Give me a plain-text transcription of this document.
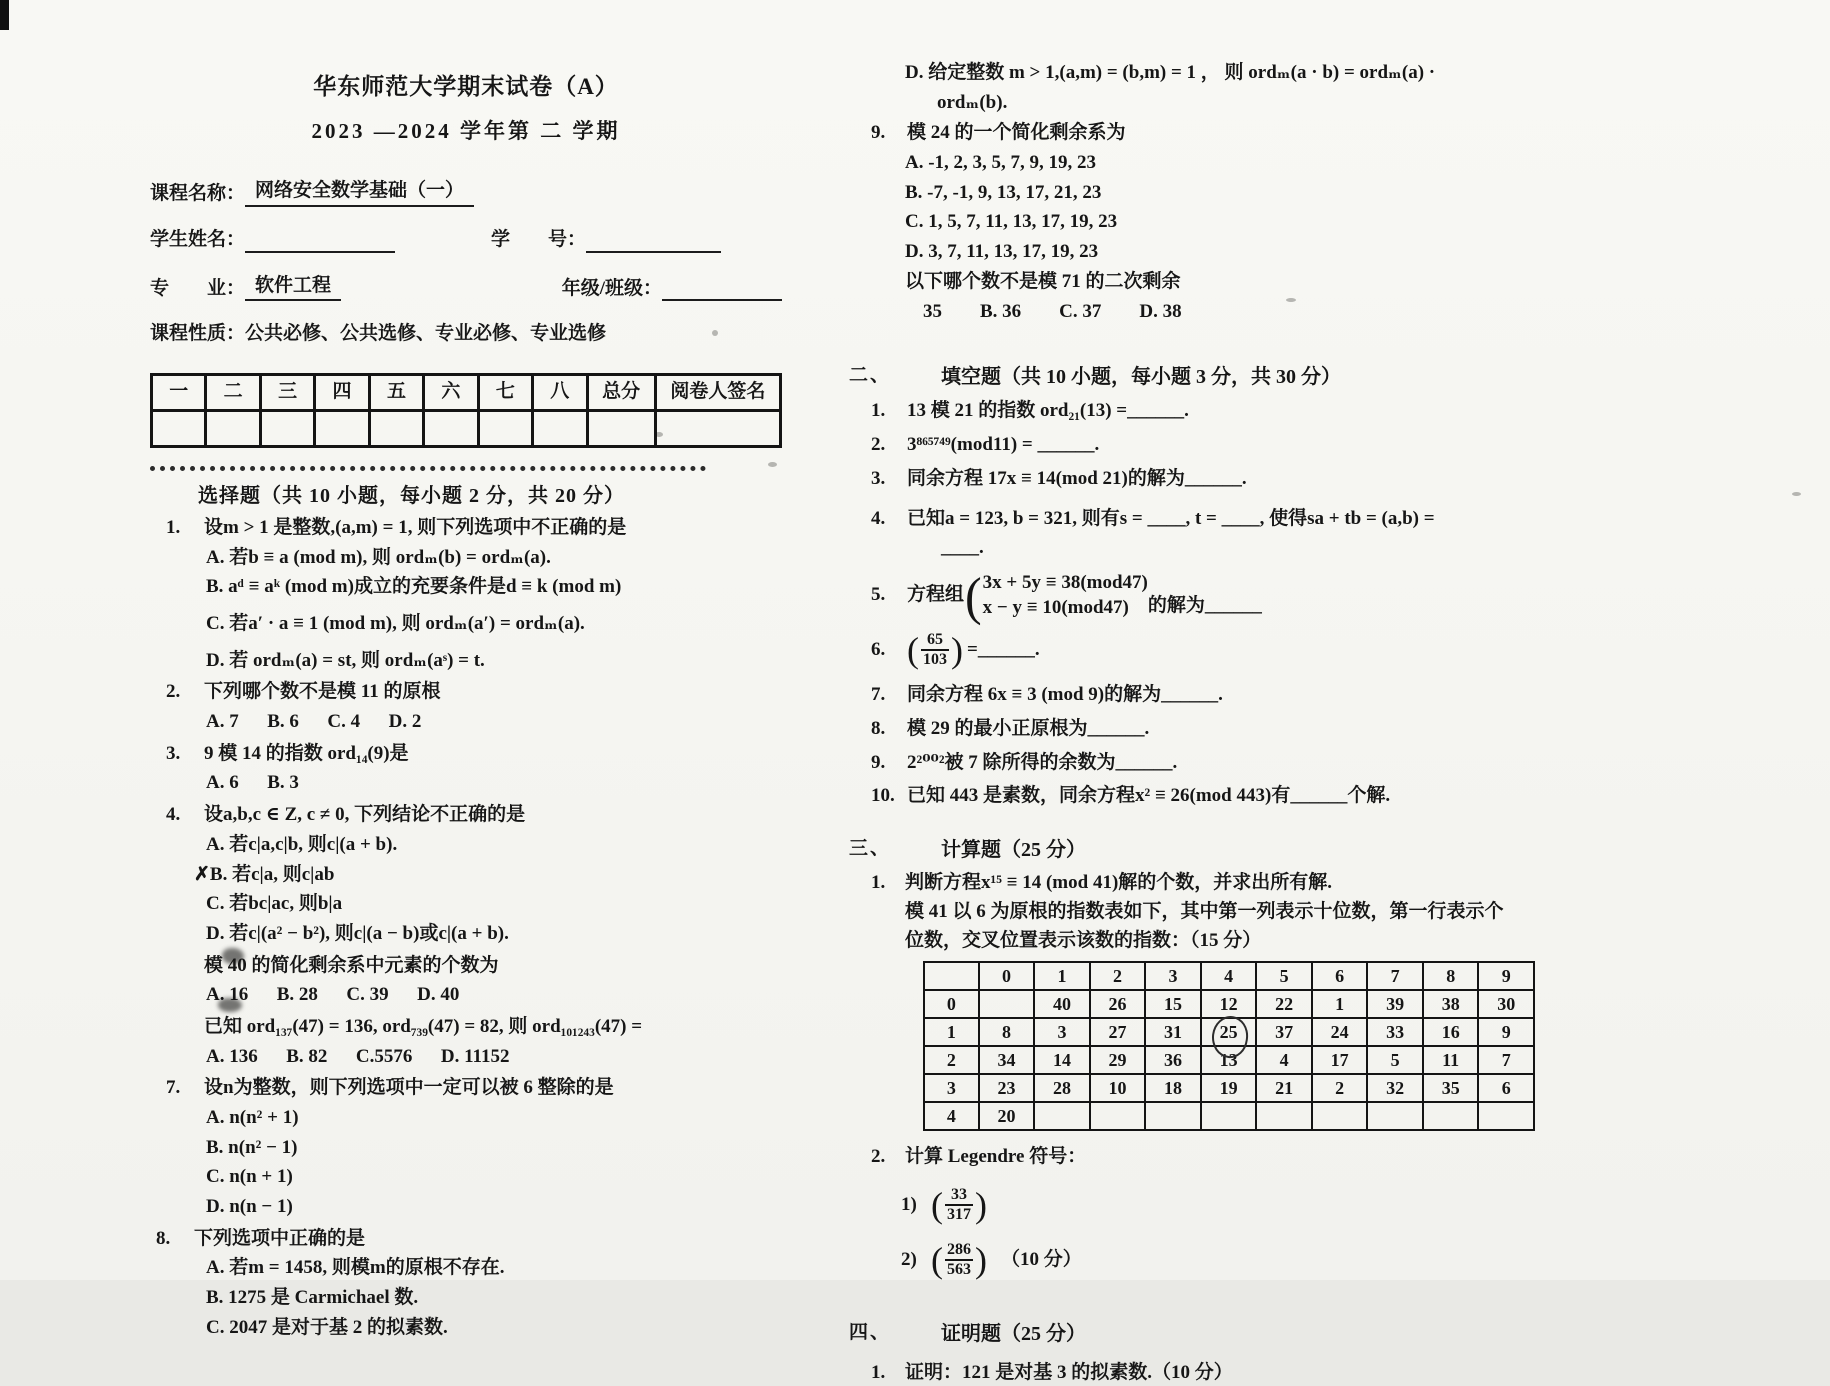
华东师范大学期末试卷（A）
2023 —2024 学年第 二 学期
课程名称： 网络安全数学基础（一）
学生姓名：	学　　号：
专　　业： 软件工程	年级/班级：
课程性质： 公共必修、公共选修、专业必修、专业选修
一	二	三	四	五	六	七	八	总分	阅卷人签名

选择题（共 10 小题，每小题 2 分，共 20 分）
1.	设m > 1 是整数,(a,m) = 1, 则下列选项中不正确的是
A. 若b ≡ a (mod m), 则 ordₘ(b) = ordₘ(a).
B. aᵈ ≡ aᵏ (mod m)成立的充要条件是d ≡ k (mod m)
C. 若a′ · a ≡ 1 (mod m), 则 ordₘ(a′) = ordₘ(a).
D. 若 ordₘ(a) = st, 则 ordₘ(aˢ) = t.
2.	下列哪个数不是模 11 的原根
A. 7  B. 6  C. 4  D. 2
3.	9 模 14 的指数 ord₁₄(9)是
A. 6  B. 3
4.	设a,b,c ∈ Z, c ≠ 0, 下列结论不正确的是
A. 若c|a,c|b, 则c|(a + b).
✗B. 若c|a, 则c|ab
C. 若bc|ac, 则b|a
D. 若c|(a² − b²), 则c|(a − b)或c|(a + b).
模 40 的简化剩余系中元素的个数为
A. 16  B. 28  C. 39  D. 40
已知 ord₁₃₇(47) = 136, ord₇₃₉(47) = 82, 则 ord₁₀₁₂₄₃(47) =
A. 136  B. 82  C.5576  D. 11152
7.	设n为整数，则下列选项中一定可以被 6 整除的是
A. n(n² + 1)
B. n(n² − 1)
C. n(n + 1)
D. n(n − 1)
8.	下列选项中正确的是
A. 若m = 1458, 则模m的原根不存在.
B. 1275 是 Carmichael 数.
C. 2047 是对于基 2 的拟素数.
D. 给定整数 m > 1,(a,m) = (b,m) = 1 ， 则 ordₘ(a · b) = ordₘ(a) ·
ordₘ(b).
9.	模 24 的一个简化剩余系为
A. -1, 2, 3, 5, 7, 9, 19, 23
B. -7, -1, 9, 13, 17, 21, 23
C. 1, 5, 7, 11, 13, 17, 19, 23
D. 3, 7, 11, 13, 17, 19, 23
以下哪个数不是模 71 的二次剩余
35  B. 36  C. 37  D. 38
二、	填空题（共 10 小题，每小题 3 分，共 30 分）
1.	13 模 21 的指数 ord₂₁(13) =______.
2.	3⁸⁶⁵⁷⁴⁹(mod11) = ______.
3.	同余方程 17x ≡ 14(mod 21)的解为______.
4.	已知a = 123, b = 321, 则有s = ____, t = ____, 使得sa + tb = (a,b) =
____.
5.	方程组 ( 3x + 5y ≡ 38(mod47)
x − y ≡ 10(mod47)	的解为______
6. ( $\frac{65}{103}$ ) =______.
7.	同余方程 6x ≡ 3 (mod 9)的解为______.
8.	模 29 的最小正原根为______.
9.	2²⁰⁰²被 7 除所得的余数为______.
10. 已知 443 是素数，同余方程x² ≡ 26(mod 443)有______个解.
三、	计算题（25 分）
1.	判断方程x¹⁵ ≡ 14 (mod 41)解的个数，并求出所有解.
模 41 以 6 为原根的指数表如下，其中第一列表示十位数，第一行表示个
位数，交叉位置表示该数的指数：（15 分）
	0	1	2	3	4	5	6	7	8	9
0		40	26	15	12	22	1	39	38	30
1	8	3	27	31	25	37	24	33	16	9
2	34	14	29	36	13	4	17	5	11	7
3	23	28	10	18	19	21	2	32	35	6
4	20									
2.	计算 Legendre 符号：
1) ( $\frac{33}{317}$ )
2) ( $\frac{286}{563}$ ) （10 分）
四、	证明题（25 分）
1.	证明：121 是对基 3 的拟素数.（10 分）
